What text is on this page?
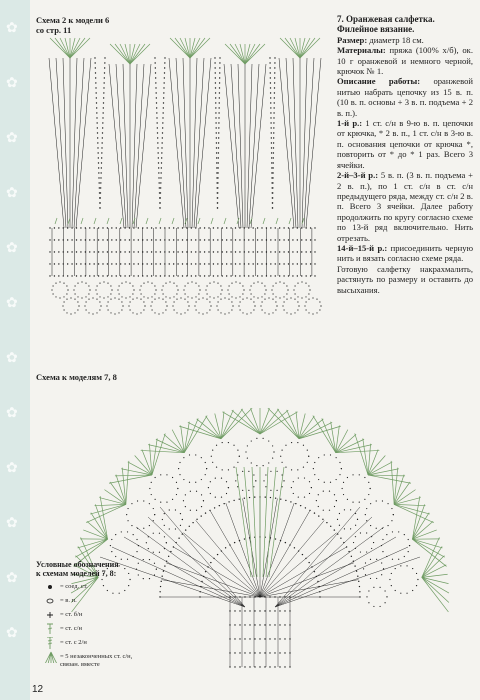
✿
✿
✿
✿
✿
✿
✿
✿
✿
✿
✿
✿
Схема 2 к модели 6
со стр. 11

7. Оранжевая салфетка.

Филейное вязание.

Размер: диаметр 18 см.

Материалы: пряжа (100% х/б), ок. 10 г оранжевой и немного черной, крючок № 1.

Описание работы: оранжевой нитью набрать цепочку из 15 в. п. (10 в. п. основы + 3 в. п. подъема + 2 в. п.).

1-й р.: 1 ст. с/н в 9-ю в. п. цепочки от крючка, * 2 в. п., 1 ст. с/н в 3-ю в. п. основания цепочки от крючка *, повторить от * до * 1 раз. Всего 3 ячейки.

2-й–3-й р.: 5 в. п. (3 в. п. подъема + 2 в. п.), по 1 ст. с/н в ст. с/н предыдущего ряда, между ст. с/н 2 в. п. Всего 3 ячейки. Далее работу продолжить по кругу согласно схеме по 13-й ряд включительно. Нить отрезать.

14-й–15-й р.: присоединить черную нить и вязать согласно схеме ряда.

Готовую салфетку накрахмалить, растянуть по размеру и оставить до высыхания.

Схема к моделям 7, 8
Условные обозначения
к схемам моделей 7, 8:
= соед. ст.
= в. п.
= ст. б/н
= ст. с/н
= ст. с 2/н
= 5 незаконченных ст. с/н, связан. вместе
12
